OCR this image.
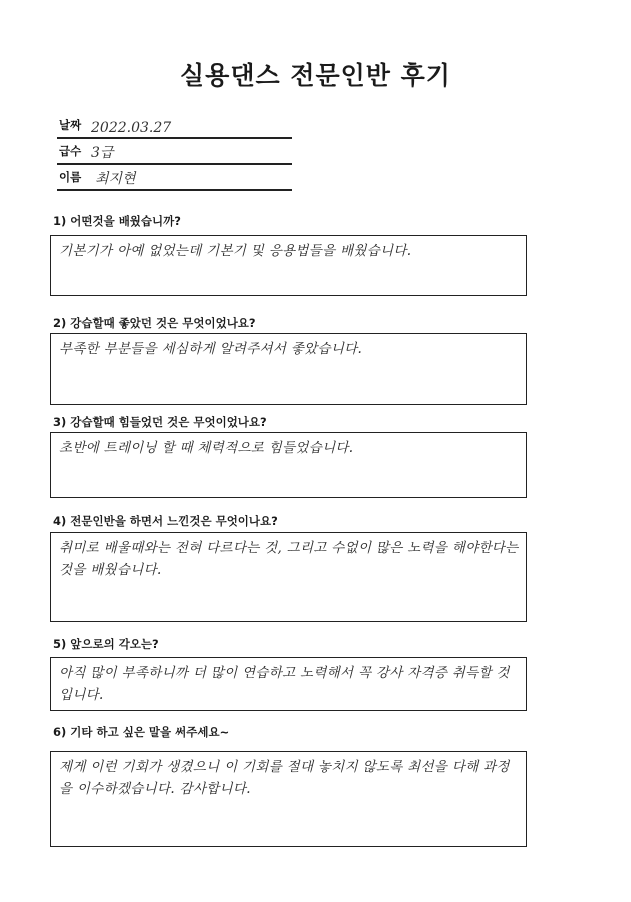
실용댄스 전문인반 후기
날짜 2022.03.27
급수 3급
이름 최지현
1) 어떤것을 배웠습니까?
기본기가 아예 없었는데 기본기 및 응용법들을 배웠습니다.
2) 강습할때 좋았던 것은 무엇이었나요?
부족한 부분들을 세심하게 알려주셔서 좋았습니다.
3) 강습할때 힘들었던 것은 무엇이었나요?
초반에 트레이닝 할 때 체력적으로 힘들었습니다.
4) 전문인반을 하면서 느낀것은 무엇이나요?
취미로 배울때와는 전혀 다르다는 것, 그리고 수없이 많은 노력을 해야한다는 것을 배웠습니다.
5) 앞으로의 각오는?
아직 많이 부족하니까 더 많이 연습하고 노력해서 꼭 강사 자격증 취득할 것 입니다.
6) 기타 하고 싶은 말을 써주세요~
제게 이런 기회가 생겼으니 이 기회를 절대 놓치지 않도록 최선을 다해 과정을 이수하겠습니다. 감사합니다.
